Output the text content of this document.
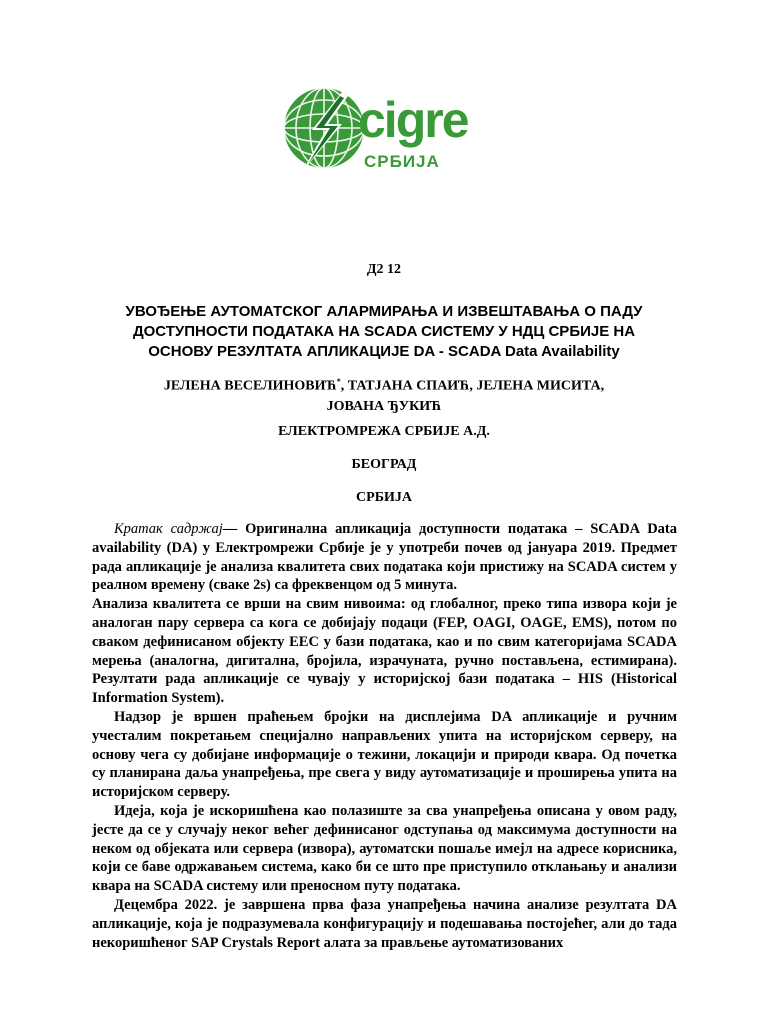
cigre
СРБИЈА
Д2 12
УВОЂЕЊЕ АУТОМАТСКОГ АЛАРМИРАЊА И ИЗВЕШТАВАЊА О ПАДУ
ДОСТУПНОСТИ ПОДАТАКА НА SCADA СИСТЕМУ У НДЦ СРБИЈЕ НА
ОСНОВУ РЕЗУЛТАТА АПЛИКАЦИЈЕ DA - SCADA Data Availability
ЈЕЛЕНА ВЕСЕЛИНОВИЋ*, ТАТЈАНА СПАИЋ, ЈЕЛЕНА МИСИТА,
ЈОВАНА ЂУКИЋ
ЕЛЕКТРОМРЕЖА СРБИЈЕ А.Д.
БЕОГРАД
СРБИЈА

Кратак садржај— Оригинална апликација доступности података – SCADA Data availability (DA) у Електромрежи Србије је у употреби почев од јануара 2019. Предмет рада апликације је анализа квалитета свих података који пристижу на SCADA систем у реалном времену (сваке 2s) са фреквенцом од 5 минута.

Анализа квалитета се врши на свим нивоима: од глобалног, преко типа извора који је аналоган пару сервера са кога се добијају подаци (FEP, OAGI, OAGE, EMS), потом по сваком дефинисаном објекту EEC у бази података, као и по свим категоријама SCADA мерења (аналогна, дигитална, бројила, израчуната, ручно постављена, естимирана). Резултати рада апликације се чувају у историјској бази података – HIS (Historical Information System).

Надзор је вршен праћењем бројки на дисплејима DA апликације и ручним учесталим покретањем специјално направљених упита на историјском серверу, на основу чега су добијане информације о тежини, локацији и природи квара. Од почетка су планирана даља унапређења, пре свега у виду аутоматизације и проширења упита на историјском серверу.

Идеја, која је искоришћена као полазиште за сва унапређења описана у овом раду, јесте да се у случају неког већег дефинисаног одступања од максимума доступности на неком од објеката или сервера (извора), аутоматски пошаље имејл на адресе корисника, који се баве одржавањем система, како би се што пре приступило отклањању и анализи квара на SCADA систему или преносном путу података.

Децембра 2022. је завршена прва фаза унапређења начина анализе резултата DA апликације, која је подразумевала конфигурацију и подешавања постојећег, али до тада некоришћеног SAP Crystals Report алата за прављење аутоматизованих
